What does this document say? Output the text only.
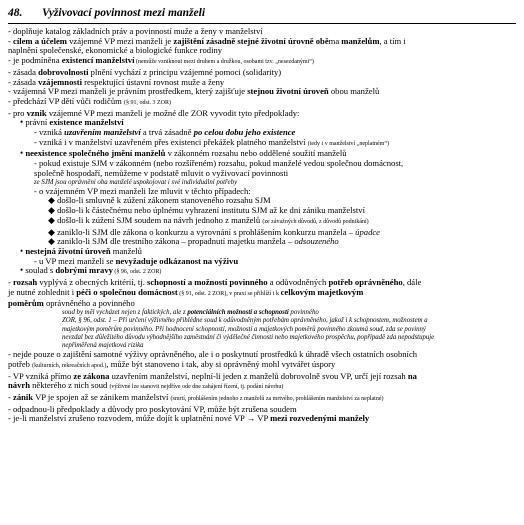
48. Vyživovací povinnost mezi manželi
- doplňuje katalog základních práv a povinností muže a ženy v manželství
- cílem a účelem vzájemné VP mezi manželi je zajištění zásadně stejné životní úrovně oběma manželům, a tím i
naplnění společenské, ekonomické a biologické funkce rodiny
- je podmíněna existencí manželství (nemůže vzniknout mezi druhem a družkou, osobami tzv. „nesezdanými“)
- zásada dobrovolnosti plnění vychází z principu vzájemné pomoci (solidarity)
- zásada vzájemnosti respektující ústavní rovnost muže a ženy
- vzájemná VP mezi manželi je právním prostředkem, který zajišťuje stejnou životní úroveň obou manželů
- předchází VP dětí vůči rodičům (§ 91, odst. 3 ZOR)
- pro vznik vzájemné VP mezi manželi je možné dle ZOR vyvodit tyto předpoklady:
• právní existence manželství
- vzniká uzavřením manželství a trvá zásadně po celou dobu jeho existence
- vzniká i v manželství uzavřeném přes existenci překážek platného manželství (tedy i v manželství „neplatném“)
• neexistence společného jmění manželů v zákonném rozsahu nebo oddělené soužití manželů
- pokud existuje SJM v zákonném (nebo rozšířeném) rozsahu, pokud manželé vedou společnou domácnost,
společně hospodaří, nemůžeme v podstatě mluvit o vyživovací povinnosti
ze SJM jsou oprávněni oba manželé uspokojovat i své individuální potřeby
- o vzájemném VP mezi manželi lze mluvit v těchto případech:
◆ došlo-li smluvně k zúžení zákonem stanoveného rozsahu SJM
◆ došlo-li k částečnému nebo úplnému vyhrazení institutu SJM až ke dni zániku manželství
◆ došlo-li k zúžení SJM soudem na návrh jednoho z manželů (ze závažných důvodů, z důvodů podnikání)
◆ zaniklo-li SJM dle zákona o konkurzu a vyrovnání s prohlášením konkurzu manžela – úpadce
◆ zaniklo-li SJM dle trestního zákona – propadnutí majetku manžela – odsouzeného
• nestejná životní úroveň manželů
- u VP mezi manželi se nevyžaduje odkázanost na výživu
• soulad s dobrými mravy (§ 96, odst. 2 ZOR)
- rozsah vyplývá z obecných kritérií, tj. schopností a možností povinného a odůvodněných potřeb oprávněného, dále
je nutné zohlednit i péči o společnou domácnost (§ 91, odst. 2 ZOR), v praxi se přihlíží i k celkovým majetkovým
poměrům oprávněného a povinného
soud by měl vycházet nejen z faktických, ale z potenciálních možností a schopností povinného
ZOR, § 96, odst. 1 – Při určení výživného přihlédne soud k odůvodněným potřebám oprávněného, jakož i k schopnostem, možnostem a
majetkovým poměrům povinného. Při hodnocení schopností, možností a majetkových poměrů povinného zkoumá soud, zda se povinný
nevzdal bez důležitého důvodu výhodnějšího zaměstnání či výdělečné činnosti nebo majetkového prospěchu, popřípadě zda nepodstupuje
nepřiměřená majetková rizika
- nejde pouze o zajištění samotné výživy oprávněného, ale i o poskytnutí prostředků k úhradě všech ostatních osobních
potřeb (kulturních, rekreačních apod.), může být stanoveno i tak, aby si oprávněný mohl vytvářet úspory
- VP vzniká přímo ze zákona uzavřením manželství, neplní-li jeden z manželů dobrovolně svou VP, určí její rozsah na
návrh některého z nich soud (výživné lze stanovit nejdříve ode dne zahájení řízení, tj. podání návrhu)
- zánik VP je spojen až se zánikem manželství (smrtí, prohlášením jednoho z manželů za mrtvého, prohlášením manželství za neplatné)
- odpadnou-li předpoklady a důvody pro poskytování VP, může být zrušena soudem
- je-li manželství zrušeno rozvodem, může dojít k uplatnění nové VP → VP mezi rozvedenými manžely
